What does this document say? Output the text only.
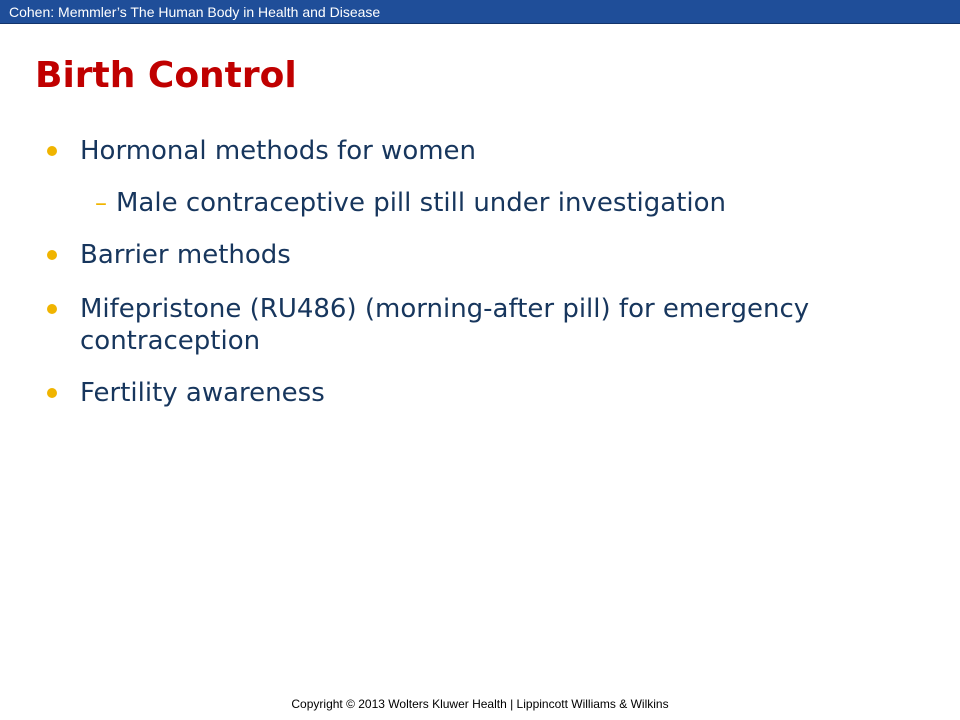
Cohen: Memmler’s The Human Body in Health and Disease
Birth Control
Hormonal methods for women
– Male contraceptive pill still under investigation
Barrier methods
Mifepristone (RU486) (morning-after pill) for emergency
contraception
Fertility awareness
Copyright © 2013 Wolters Kluwer Health | Lippincott Williams & Wilkins
